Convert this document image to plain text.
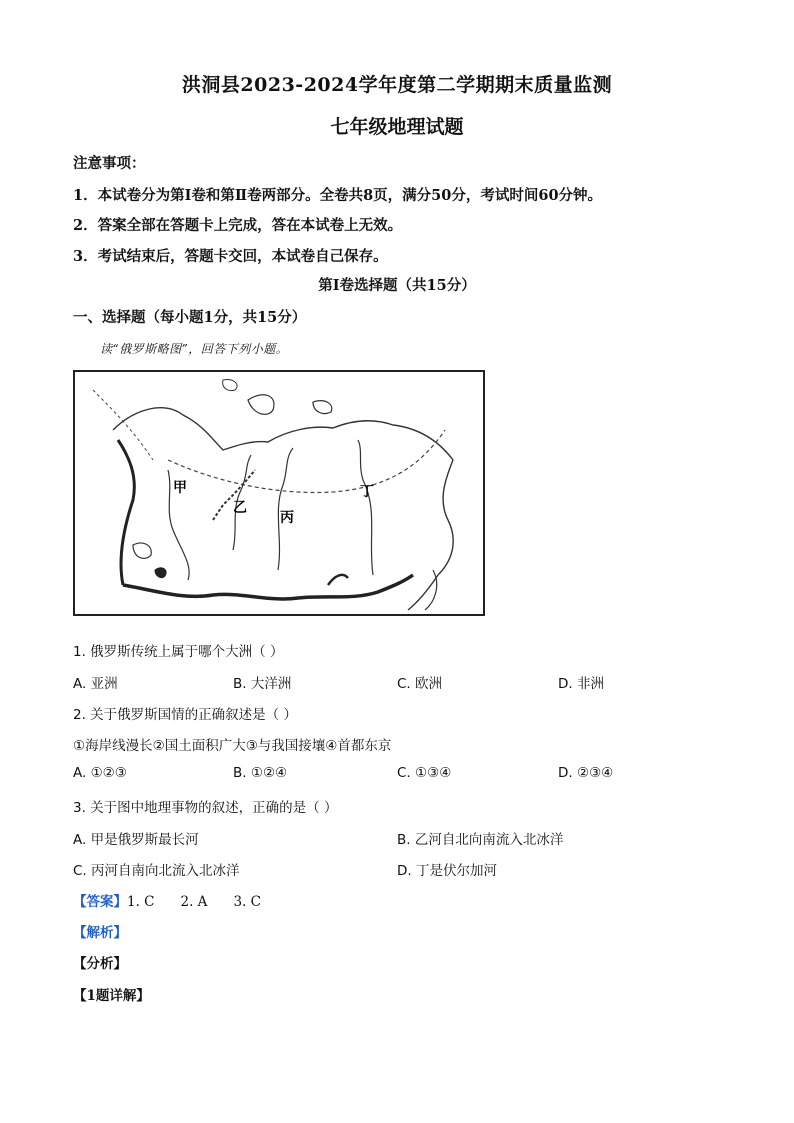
洪洞县2023-2024学年度第二学期期末质量监测
七年级地理试题
注意事项：
1．本试卷分为第Ⅰ卷和第Ⅱ卷两部分。全卷共8页，满分50分，考试时间60分钟。
2．答案全部在答题卡上完成，答在本试卷上无效。
3．考试结束后，答题卡交回，本试卷自己保存。
第Ⅰ卷选择题（共15分）
一、选择题（每小题1分，共15分）
读“俄罗斯略图”，回答下列小题。
甲
乙
丙
丁
1. 俄罗斯传统上属于哪个大洲（ ）
A. 亚洲	B. 大洋洲	C. 欧洲	D. 非洲
2. 关于俄罗斯国情的正确叙述是（ ）
①海岸线漫长②国土面积广大③与我国接壤④首都东京
A. ①②③	B. ①②④	C. ①③④	D. ②③④
3. 关于图中地理事物的叙述，正确的是（ ）
A. 甲是俄罗斯最长河	B. 乙河自北向南流入北冰洋
C. 丙河自南向北流入北冰洋	D. 丁是伏尔加河
【答案】1. C 2. A 3. C
【解析】
【分析】
【1题详解】
